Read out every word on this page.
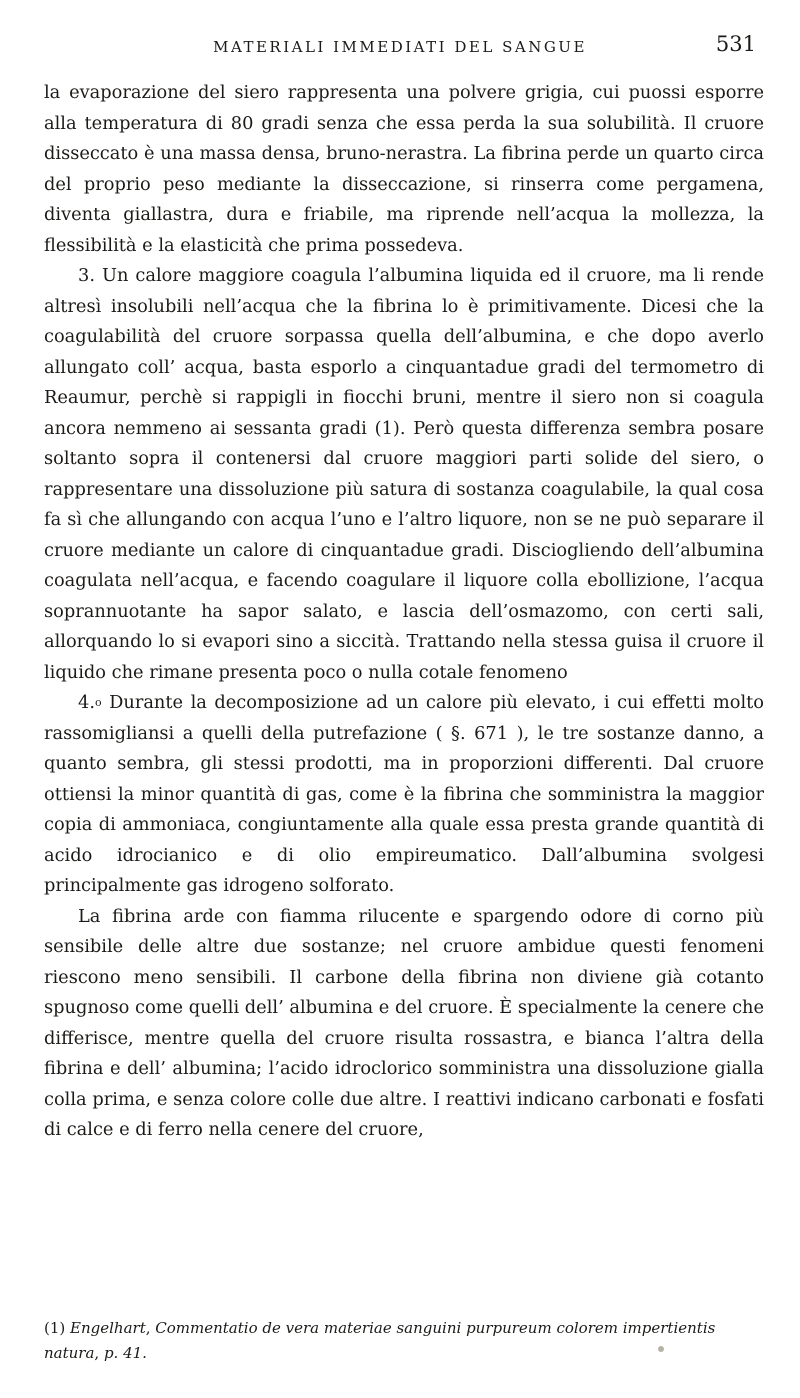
MATERIALI IMMEDIATI DEL SANGUE	531

la evaporazione del siero rappresenta una polvere grigia, cui puossi esporre alla temperatura di 80 gradi senza che essa perda la sua solubilità. Il cruore disseccato è una massa densa, bruno-nerastra. La fibrina perde un quarto circa del proprio peso mediante la disseccazione, si rinserra come pergamena, diventa giallastra, dura e friabile, ma riprende nell’acqua la mollezza, la flessibilità e la elasticità che prima possedeva.

3. Un calore maggiore coagula l’albumina liquida ed il cruore, ma li rende altresì insolubili nell’acqua che la fibrina lo è primitivamente. Dicesi che la coagulabilità del cruore sorpassa quella dell’albumina, e che dopo averlo allungato coll’ acqua, basta esporlo a cinquantadue gradi del termometro di Reaumur, perchè si rappigli in fiocchi bruni, mentre il siero non si coagula ancora nemmeno ai sessanta gradi (1). Però questa differenza sembra posare soltanto sopra il contenersi dal cruore maggiori parti solide del siero, o rappresentare una dissoluzione più satura di sostanza coagulabile, la qual cosa fa sì che allungando con acqua l’uno e l’altro liquore, non se ne può separare il cruore mediante un calore di cinquantadue gradi. Disciogliendo dell’albumina coagulata nell’acqua, e facendo coagulare il liquore colla ebollizione, l’acqua soprannuotante ha sapor salato, e lascia dell’osmazomo, con certi sali, allorquando lo si evapori sino a siccità. Trattando nella stessa guisa il cruore il liquido che rimane presenta poco o nulla cotale fenomeno

4.$^o$ Durante la decomposizione ad un calore più elevato, i cui effetti molto rassomigliansi a quelli della putrefazione ( §. 671 ), le tre sostanze danno, a quanto sembra, gli stessi prodotti, ma in proporzioni differenti. Dal cruore ottiensi la minor quantità di gas, come è la fibrina che somministra la maggior copia di ammoniaca, congiuntamente alla quale essa presta grande quantità di acido idrocianico e di olio empireumatico. Dall’albumina svolgesi principalmente gas idrogeno solforato.

La fibrina arde con fiamma rilucente e spargendo odore di corno più sensibile delle altre due sostanze; nel cruore ambidue questi fenomeni riescono meno sensibili. Il carbone della fibrina non diviene già cotanto spugnoso come quelli dell’ albumina e del cruore. È specialmente la cenere che differisce, mentre quella del cruore risulta rossastra, e bianca l’altra della fibrina e dell’ albumina; l’acido idroclorico somministra una dissoluzione gialla colla prima, e senza colore colle due altre. I reattivi indicano carbonati e fosfati di calce e di ferro nella cenere del cruore,

(1) Engelhart, Commentatio de vera materiae sanguini purpureum colorem impertientis natura, p. 41.
